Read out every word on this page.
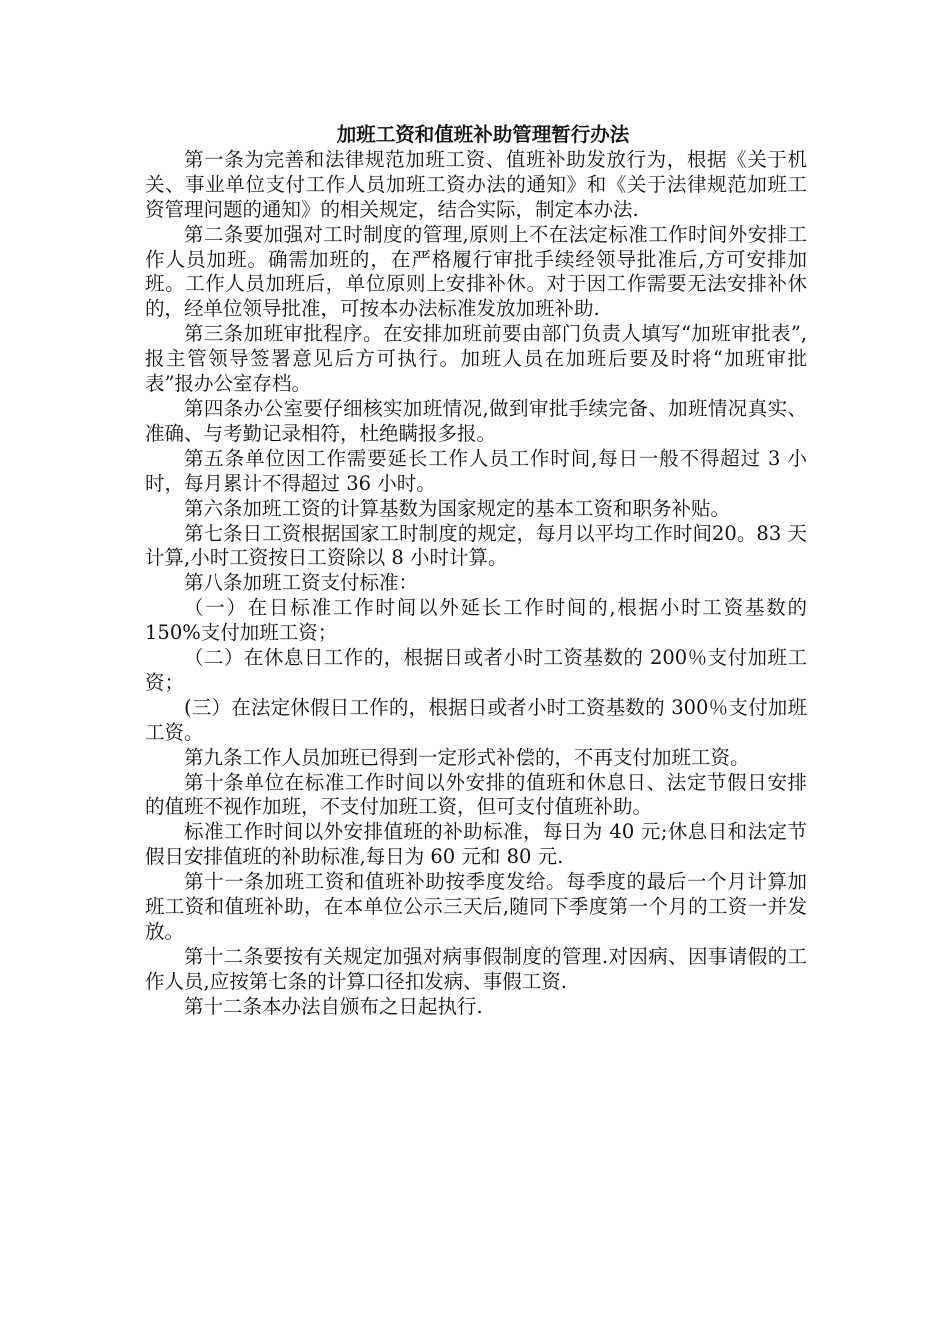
加班工资和值班补助管理暂行办法

第一条为完善和法律规范加班工资、值班补助发放行为，根据《关于机关、事业单位支付工作人员加班工资办法的通知》和《关于法律规范加班工资管理问题的通知》的相关规定，结合实际，制定本办法.

第二条要加强对工时制度的管理,原则上不在法定标准工作时间外安排工作人员加班。确需加班的，在严格履行审批手续经领导批准后,方可安排加班。工作人员加班后，单位原则上安排补休。对于因工作需要无法安排补休的，经单位领导批准，可按本办法标准发放加班补助.

第三条加班审批程序。在安排加班前要由部门负责人填写“加班审批表”,报主管领导签署意见后方可执行。加班人员在加班后要及时将“加班审批表”报办公室存档。

第四条办公室要仔细核实加班情况,做到审批手续完备、加班情况真实、准确、与考勤记录相符，杜绝瞒报多报。

第五条单位因工作需要延长工作人员工作时间,每日一般不得超过 3 小时，每月累计不得超过 36 小时。

第六条加班工资的计算基数为国家规定的基本工资和职务补贴。

第七条日工资根据国家工时制度的规定，每月以平均工作时间20。83 天计算,小时工资按日工资除以 8 小时计算。

第八条加班工资支付标准：

（一）在日标准工作时间以外延长工作时间的,根据小时工资基数的 150%支付加班工资；

（二）在休息日工作的，根据日或者小时工资基数的 200％支付加班工资；

(三）在法定休假日工作的，根据日或者小时工资基数的 300％支付加班工资。

第九条工作人员加班已得到一定形式补偿的，不再支付加班工资。

第十条单位在标准工作时间以外安排的值班和休息日、法定节假日安排的值班不视作加班，不支付加班工资，但可支付值班补助。

标准工作时间以外安排值班的补助标准，每日为 40 元;休息日和法定节假日安排值班的补助标准,每日为 60 元和 80 元.

第十一条加班工资和值班补助按季度发给。每季度的最后一个月计算加班工资和值班补助，在本单位公示三天后,随同下季度第一个月的工资一并发放。

第十二条要按有关规定加强对病事假制度的管理.对因病、因事请假的工作人员,应按第七条的计算口径扣发病、事假工资.

第十二条本办法自颁布之日起执行.
